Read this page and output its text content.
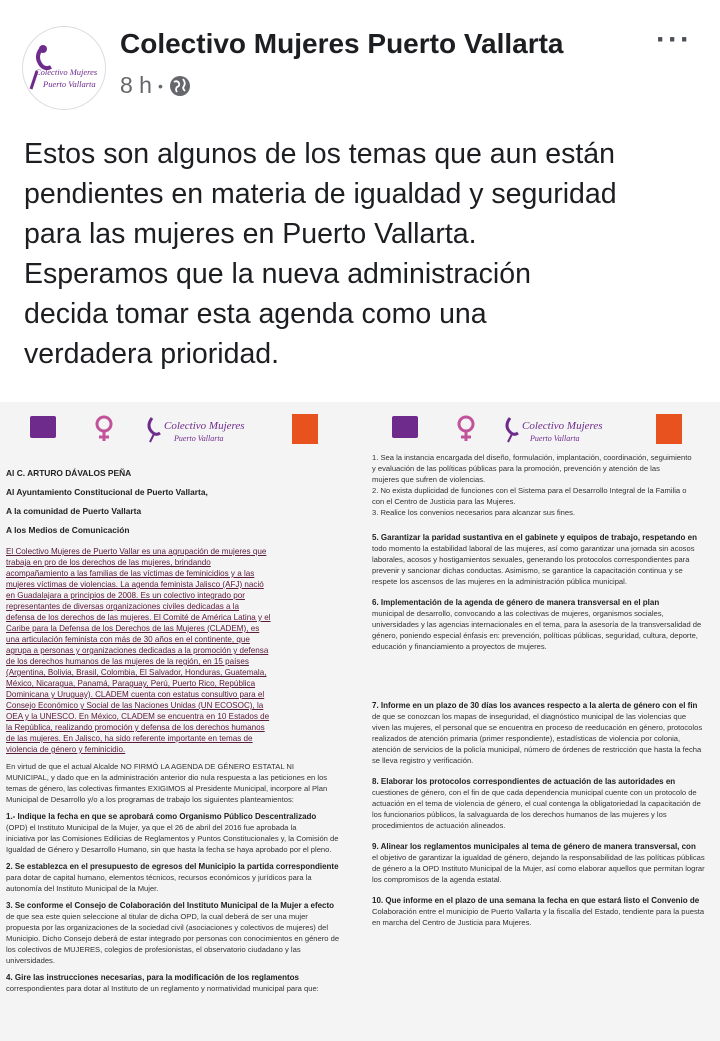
Colectivo Mujeres
Puerto Vallarta
Colectivo Mujeres Puerto Vallarta
8 h •
···

Estos son algunos de los temas que aun están

pendientes en materia de igualdad y seguridad

para las mujeres en Puerto Vallarta.

Esperamos que la nueva administración

decida tomar esta agenda como una

verdadera prioridad.

Colectivo Mujeres
Puerto Vallarta
Al C. ARTURO DÁVALOS PEÑA
Al Ayuntamiento Constitucional de Puerto Vallarta,
A la comunidad de Puerto Vallarta
A los Medios de Comunicación
El Colectivo Mujeres de Puerto Vallar es una agrupación de mujeres que
trabaja en pro de los derechos de las mujeres, brindando
acompañamiento a las familias de las víctimas de feminicidios y a las
mujeres víctimas de violencias. La agenda feminista Jalisco (AFJ) nació
en Guadalajara a principios de 2008. Es un colectivo integrado por
representantes de diversas organizaciones civiles dedicadas a la
defensa de los derechos de las mujeres. El Comité de América Latina y el
Caribe para la Defensa de los Derechos de las Mujeres (CLADEM), es
una articulación feminista con más de 30 años en el continente, que
agrupa a personas y organizaciones dedicadas a la promoción y defensa
de los derechos humanos de las mujeres de la región, en 15 países
(Argentina, Bolivia, Brasil, Colombia, El Salvador, Honduras, Guatemala,
México, Nicaragua, Panamá, Paraguay, Perú, Puerto Rico, República
Dominicana y Uruguay). CLADEM cuenta con estatus consultivo para el
Consejo Económico y Social de las Naciones Unidas (UN ECOSOC), la
OEA y la UNESCO. En México, CLADEM se encuentra en 10 Estados de
la República, realizando promoción y defensa de los derechos humanos
de las mujeres. En Jalisco, ha sido referente importante en temas de
violencia de género y feminicidio.
En virtud de que el actual Alcalde NO FIRMÓ LA AGENDA DE GÉNERO ESTATAL NI
MUNICIPAL, y dado que en la administración anterior dio nula respuesta a las peticiones en los
temas de género, las colectivas firmantes EXIGIMOS al Presidente Municipal, incorpore al Plan
Municipal de Desarrollo y/o a los programas de trabajo los siguientes planteamientos:
1.- Indique la fecha en que se aprobará como Organismo Público Descentralizado
(OPD) el Instituto Municipal de la Mujer, ya que el 26 de abril del 2016 fue aprobada la
iniciativa por las Comisiones Edilicias de Reglamentos y Puntos Constitucionales y, la Comisión de
Igualdad de Género y Desarrollo Humano, sin que hasta la fecha se haya aprobado por el pleno.
2. Se establezca en el presupuesto de egresos del Municipio la partida correspondiente
para dotar de capital humano, elementos técnicos, recursos económicos y jurídicos para la
autonomía del Instituto Municipal de la Mujer.
3. Se conforme el Consejo de Colaboración del Instituto Municipal de la Mujer a efecto
de que sea este quien seleccione al titular de dicha OPD, la cual deberá de ser una mujer
propuesta por las organizaciones de la sociedad civil (asociaciones y colectivos de mujeres) del
Municipio. Dicho Consejo deberá de estar integrado por personas con conocimientos en género de
los colectivos de MUJERES, colegios de profesionistas, el observatorio ciudadano y las
universidades.
4. Gire las instrucciones necesarias, para la modificación de los reglamentos
correspondientes para dotar al Instituto de un reglamento y normatividad municipal para que:
Colectivo Mujeres
Puerto Vallarta
1. Sea la instancia encargada del diseño, formulación, implantación, coordinación, seguimiento
y evaluación de las políticas públicas para la promoción, prevención y atención de las
mujeres que sufren de violencias.
2. No exista duplicidad de funciones con el Sistema para el Desarrollo Integral de la Familia o
con el Centro de Justicia para las Mujeres.
3. Realice los convenios necesarios para alcanzar sus fines.
5. Garantizar la paridad sustantiva en el gabinete y equipos de trabajo, respetando en
todo momento la estabilidad laboral de las mujeres, así como garantizar una jornada sin acosos
laborales, acosos y hostigamientos sexuales, generando los protocolos correspondientes para
prevenir y sancionar dichas conductas. Asimismo, se garantice la capacitación continua y se
respete los ascensos de las mujeres en la administración pública municipal.
6. Implementación de la agenda de género de manera transversal en el plan
municipal de desarrollo, convocando a las colectivas de mujeres, organismos sociales,
universidades y las agencias internacionales en el tema, para la asesoría de la transversalidad de
género, poniendo especial énfasis en: prevención, políticas públicas, seguridad, cultura, deporte,
educación y financiamiento a proyectos de mujeres.
7. Informe en un plazo de 30 días los avances respecto a la alerta de género con el fin
de que se conozcan los mapas de inseguridad, el diagnóstico municipal de las violencias que
viven las mujeres, el personal que se encuentra en proceso de reeducación en género, protocolos
realizados de atención primaria (primer respondiente), estadísticas de violencia por colonia,
atención de servicios de la policía municipal, número de órdenes de restricción que hasta la fecha
se lleva registro y verificación.
8. Elaborar los protocolos correspondientes de actuación de las autoridades en
cuestiones de género, con el fin de que cada dependencia municipal cuente con un protocolo de
actuación en el tema de violencia de género, el cual contenga la obligatoriedad la capacitación de
los funcionarios públicos, la salvaguarda de los derechos humanos de las mujeres y los
procedimientos de actuación alineados.
9. Alinear los reglamentos municipales al tema de género de manera transversal, con
el objetivo de garantizar la igualdad de género, dejando la responsabilidad de las políticas públicas
de género a la OPD Instituto Municipal de la Mujer, así como elaborar aquellos que permitan lograr
los compromisos de la agenda estatal.
10. Que informe en el plazo de una semana la fecha en que estará listo el Convenio de
Colaboración entre el municipio de Puerto Vallarta y la fiscalía del Estado, tendiente para la puesta
en marcha del Centro de Justicia para Mujeres.
